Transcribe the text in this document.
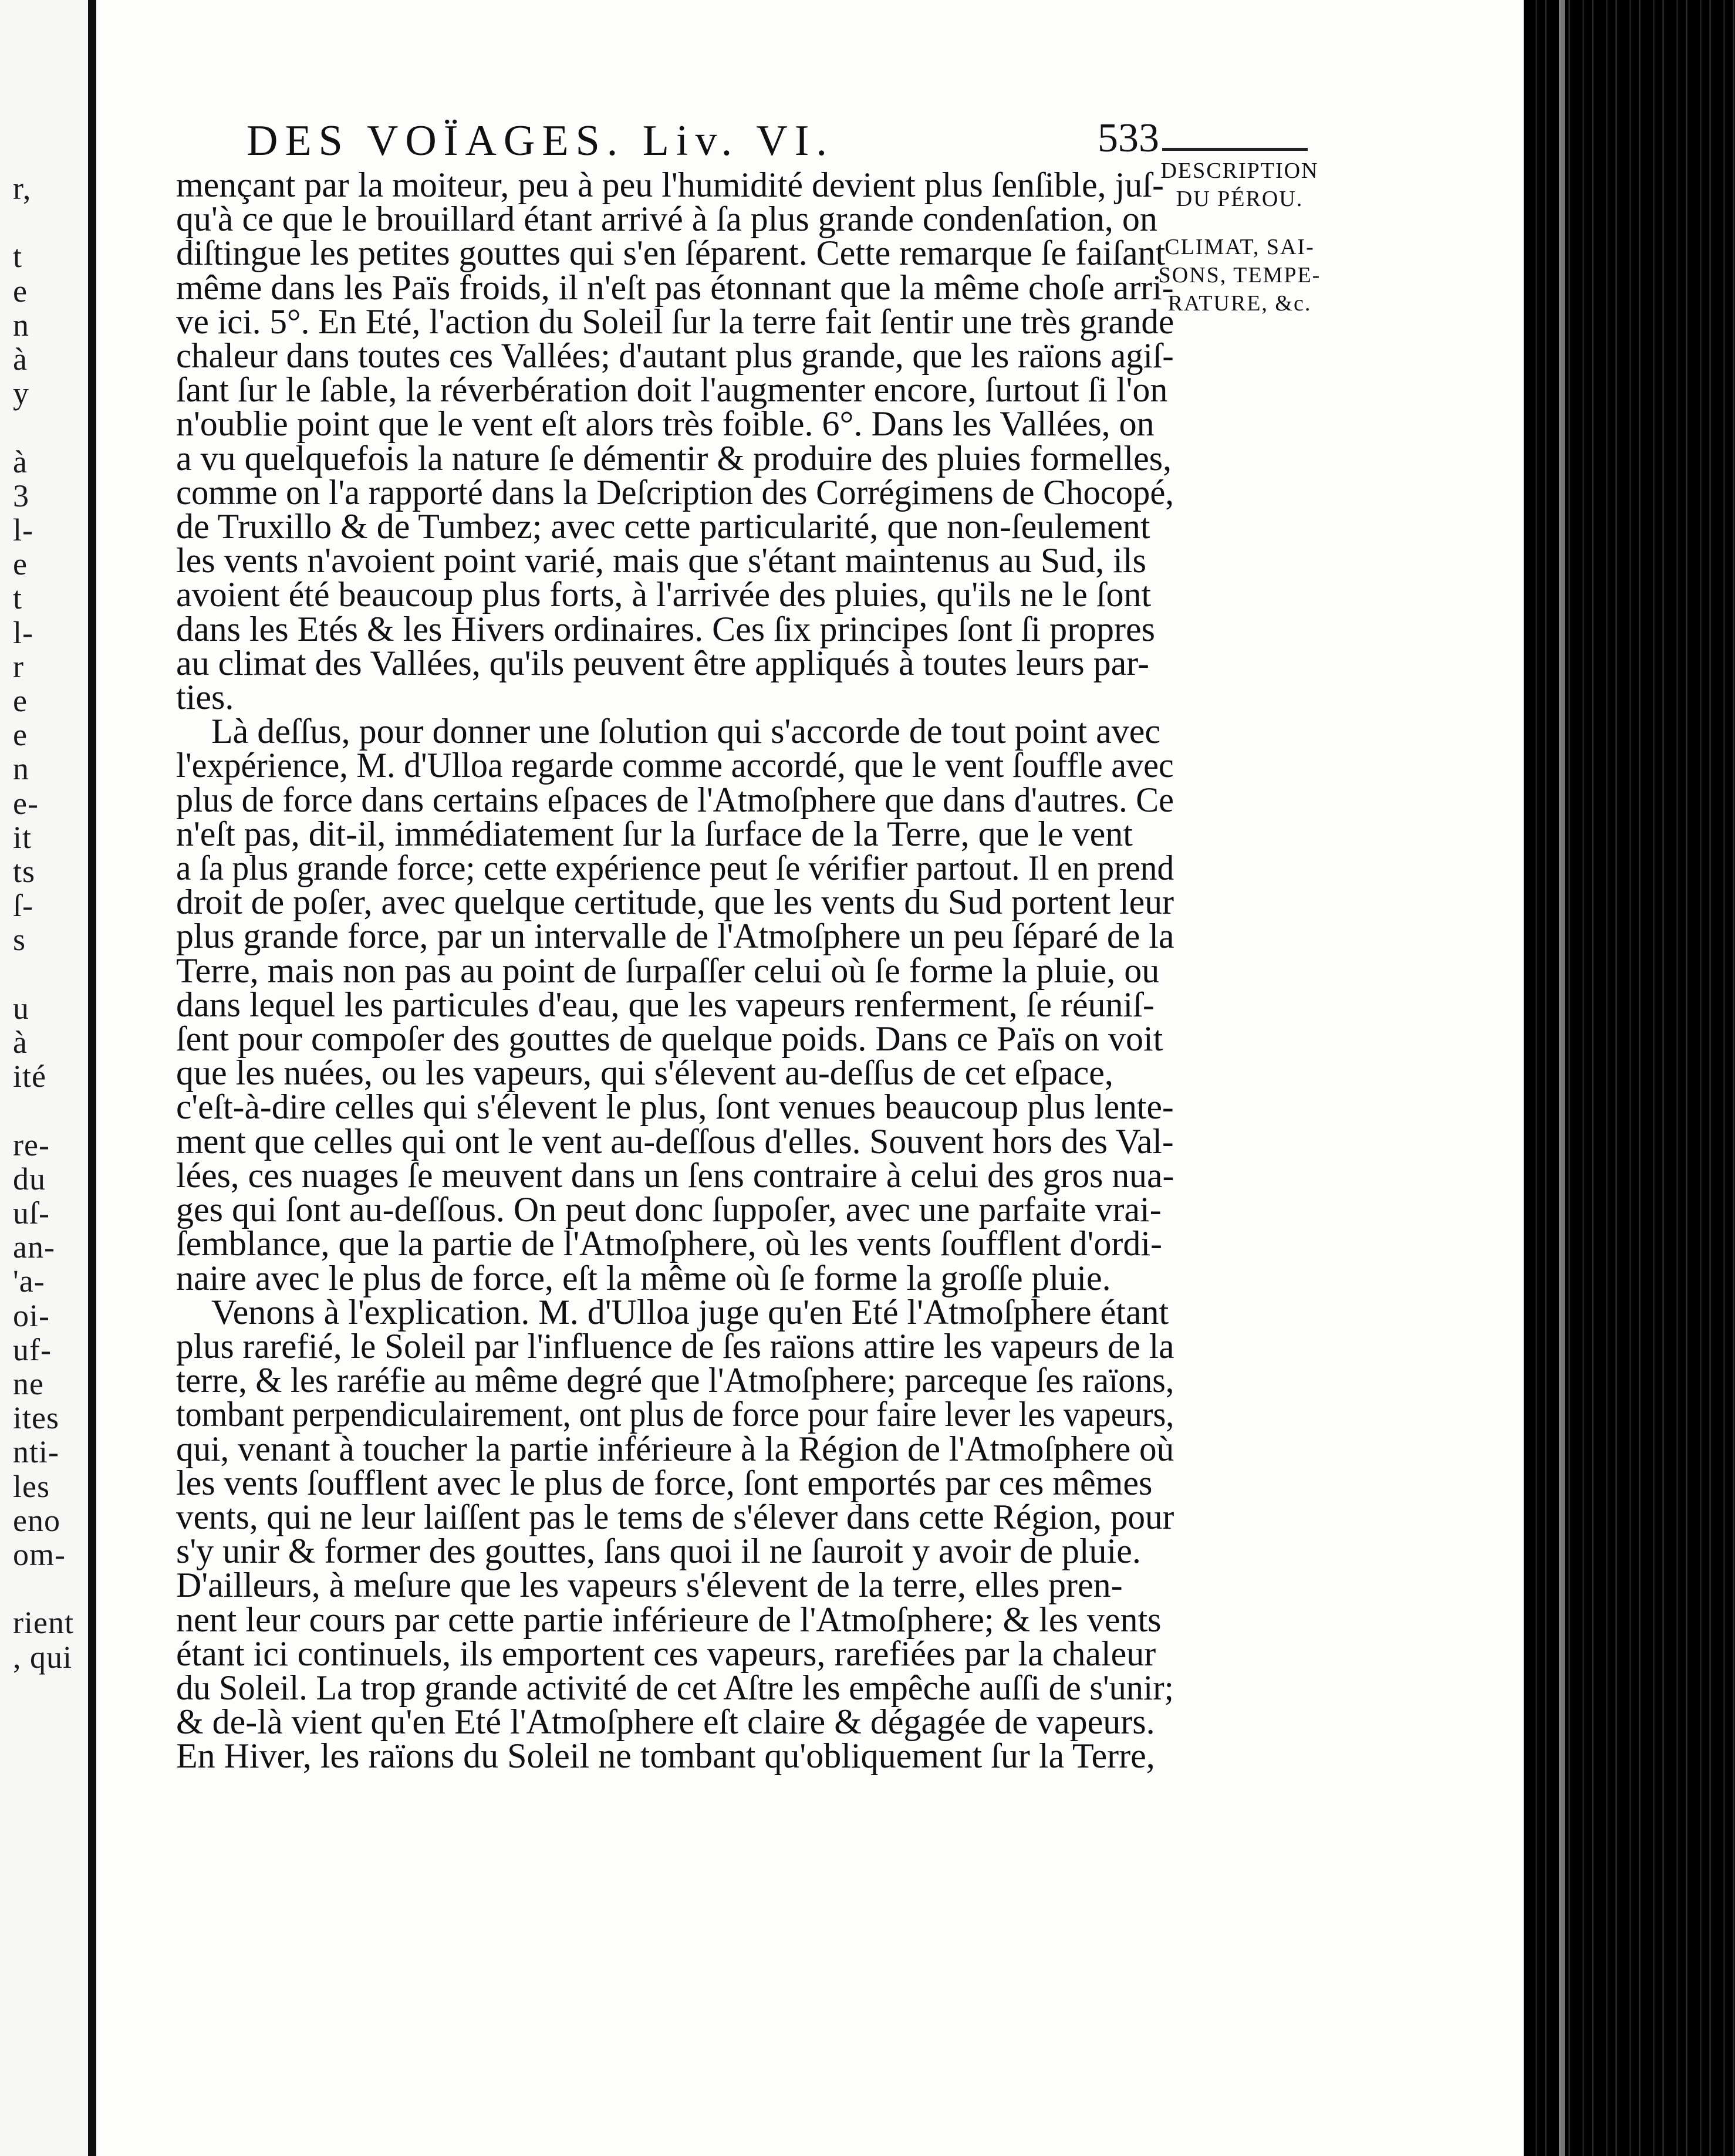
r,
t
e
n
à
y
à
3
l-
e
t
l-
r
e
e
n
e-
it
ts
ſ-
s
u
à
ité
re-
du
uſ-
an-
'a-
oi-
uf-
ne
ites
nti-
les
eno
om-
rient
, qui
DES VOÏAGES. Liv. VI.	533
DESCRIPTION
DU PÉROU.
CLIMAT, SAI-
SONS, TEMPE-
RATURE, &c.

mençant par la moiteur, peu à peu l'humidité devient plus ſenſible, juſ-
qu'à ce que le brouillard étant arrivé à ſa plus grande condenſation, on
diſtingue les petites gouttes qui s'en ſéparent. Cette remarque ſe faiſant
même dans les Païs froids, il n'eſt pas étonnant que la même choſe arri-ve ici. 5°. En Eté, l'action du Soleil ſur la terre fait ſentir une très grandechaleur dans toutes ces Vallées; d'autant plus grande, que les raïons agiſ-
ſant ſur le ſable, la réverbération doit l'augmenter encore, ſurtout ſi l'on
n'oublie point que le vent eſt alors très foible. 6°. Dans les Vallées, on
a vu quelquefois la nature ſe démentir & produire des pluies formelles,
comme on l'a rapporté dans la Deſcription des Corrégimens de Chocopé,
de Truxillo & de Tumbez; avec cette particularité, que non-ſeulement
les vents n'avoient point varié, mais que s'étant maintenus au Sud, ils
avoient été beaucoup plus forts, à l'arrivée des pluies, qu'ils ne le ſont
dans les Etés & les Hivers ordinaires. Ces ſix principes ſont ſi propres
au climat des Vallées, qu'ils peuvent être appliqués à toutes leurs par-
ties.

Là deſſus, pour donner une ſolution qui s'accorde de tout point avec
l'expérience, M. d'Ulloa regarde comme accordé, que le vent ſouffle avecplus de force dans certains eſpaces de l'Atmoſphere que dans d'autres. Ce
n'eſt pas, dit-il, immédiatement ſur la ſurface de la Terre, que le vent
a ſa plus grande force; cette expérience peut ſe vérifier partout. Il en prenddroit de poſer, avec quelque certitude, que les vents du Sud portent leurplus grande force, par un intervalle de l'Atmoſphere un peu ſéparé de la
Terre, mais non pas au point de ſurpaſſer celui où ſe forme la pluie, ou
dans lequel les particules d'eau, que les vapeurs renferment, ſe réuniſ-
ſent pour compoſer des gouttes de quelque poids. Dans ce Païs on voit
que les nuées, ou les vapeurs, qui s'élevent au-deſſus de cet eſpace,
c'eſt-à-dire celles qui s'élevent le plus, ſont venues beaucoup plus lente-ment que celles qui ont le vent au-deſſous d'elles. Souvent hors des Val-lées, ces nuages ſe meuvent dans un ſens contraire à celui des gros nua-
ges qui ſont au-deſſous. On peut donc ſuppoſer, avec une parfaite vrai-
ſemblance, que la partie de l'Atmoſphere, où les vents ſoufflent d'ordi-
naire avec le plus de force, eſt la même où ſe forme la groſſe pluie.

Venons à l'explication. M. d'Ulloa juge qu'en Eté l'Atmoſphere étant
plus rarefié, le Soleil par l'influence de ſes raïons attire les vapeurs de laterre, & les raréfie au même degré que l'Atmoſphere; parceque ſes raïons,tombant perpendiculairement, ont plus de force pour faire lever les vapeurs,qui, venant à toucher la partie inférieure à la Région de l'Atmoſphere où
les vents ſoufflent avec le plus de force, ſont emportés par ces mêmes
vents, qui ne leur laiſſent pas le tems de s'élever dans cette Région, pour
s'y unir & former des gouttes, ſans quoi il ne ſauroit y avoir de pluie.
D'ailleurs, à meſure que les vapeurs s'élevent de la terre, elles pren-
nent leur cours par cette partie inférieure de l'Atmoſphere; & les vents
étant ici continuels, ils emportent ces vapeurs, rarefiées par la chaleur
du Soleil. La trop grande activité de cet Aſtre les empêche auſſi de s'unir;
& de-là vient qu'en Eté l'Atmoſphere eſt claire & dégagée de vapeurs.
En Hiver, les raïons du Soleil ne tombant qu'obliquement ſur la Terre,
